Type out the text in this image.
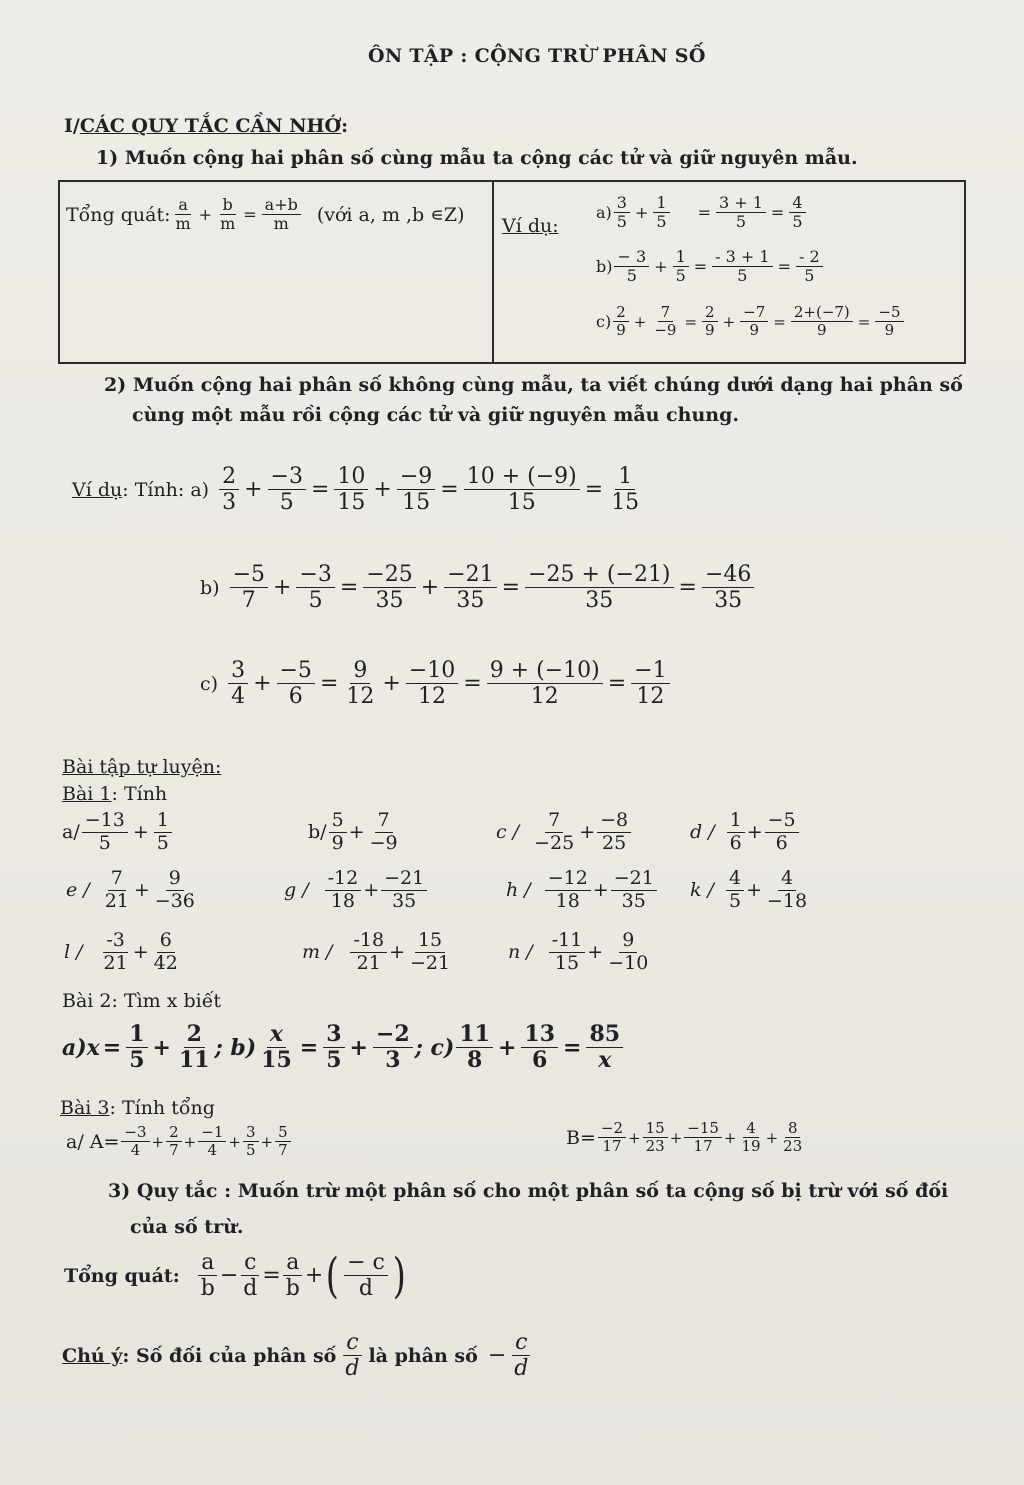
ÔN TẬP : CỘNG TRỪ PHÂN SỐ
I/CÁC QUY TẮC CẦN NHỚ:
1) Muốn cộng hai phân số cùng mẫu ta cộng các tử và giữ nguyên mẫu.
Tổng quát: $\frac{a}{m} + \frac{b}{m} = \frac{a+b}{m}$ (với a, m ,b ∊Z)

Ví dụ:
$a) \frac{3}{5} + \frac{1}{5} = \frac{3 + 1}{5} = \frac{4}{5}$
$b) \frac{- 3}{5} + \frac{1}{5} = \frac{- 3 + 1}{5} = \frac{- 2}{5}$
$c) \frac{2}{9} + \frac{7}{-9} = \frac{2}{9} + \frac{-7}{9} = \frac{2+(-7)}{9} = \frac{-5}{9}$
2) Muốn cộng hai phân số không cùng mẫu, ta viết chúng dưới dạng hai phân số
cùng một mẫu rồi cộng các tử và giữ nguyên mẫu chung.
Ví dụ: Tính: $a) \frac{2}{3} + \frac{-3}{5} = \frac{10}{15} + \frac{-9}{15} = \frac{10 + (-9)}{15} = \frac{1}{15}$
$b) \frac{-5}{7} + \frac{-3}{5} = \frac{-25}{35} + \frac{-21}{35} = \frac{-25 + (-21)}{35} = \frac{-46}{35}$
$c) \frac{3}{4} + \frac{-5}{6} = \frac{9}{12} + \frac{-10}{12} = \frac{9 + (-10)}{12} = \frac{-1}{12}$
Bài tập tự luyện:
Bài 1: Tính
$a/ \frac{-13}{5} + \frac{1}{5}$	$b/ \frac{5}{9} + \frac{7}{-9}$	$c / \frac{7}{-25} + \frac{-8}{25}$	$d / \frac{1}{6} + \frac{-5}{6}$
$e / \frac{7}{21} + \frac{9}{-36}$	$g / \frac{-12}{18} + \frac{-21}{35}$	$h / \frac{-12}{18} + \frac{-21}{35}$ $k / \frac{4}{5} + \frac{4}{-18}$
$l / \frac{-3}{21} + \frac{6}{42}$	$m / \frac{-18}{21} + \frac{15}{-21}$	$n / \frac{-11}{15} + \frac{9}{-10}$
Bài 2: Tìm x biết
$a)x = \frac{1}{5} + \frac{2}{11}$ ; $b) \frac{x}{15} = \frac{3}{5} + \frac{-2}{3}$ ; $c) \frac{11}{8} + \frac{13}{6} = \frac{85}{x}$
Bài 3: Tính tổng
a/ $A= \frac{-3}{4} + \frac{2}{7} + \frac{-1}{4} + \frac{3}{5} + \frac{5}{7}$	$B= \frac{-2}{17} + \frac{15}{23} + \frac{-15}{17} + \frac{4}{19} + \frac{8}{23}$
3) Quy tắc : Muốn trừ một phân số cho một phân số ta cộng số bị trừ với số đối
của số trừ.
Tổng quát: $\frac{a}{b} - \frac{c}{d} = \frac{a}{b}$ + ( $\frac{- c}{d}$ )
Chú ý : Số đối của phân số $\frac{c}{d}$ là phân số − $\frac{c}{d}$
